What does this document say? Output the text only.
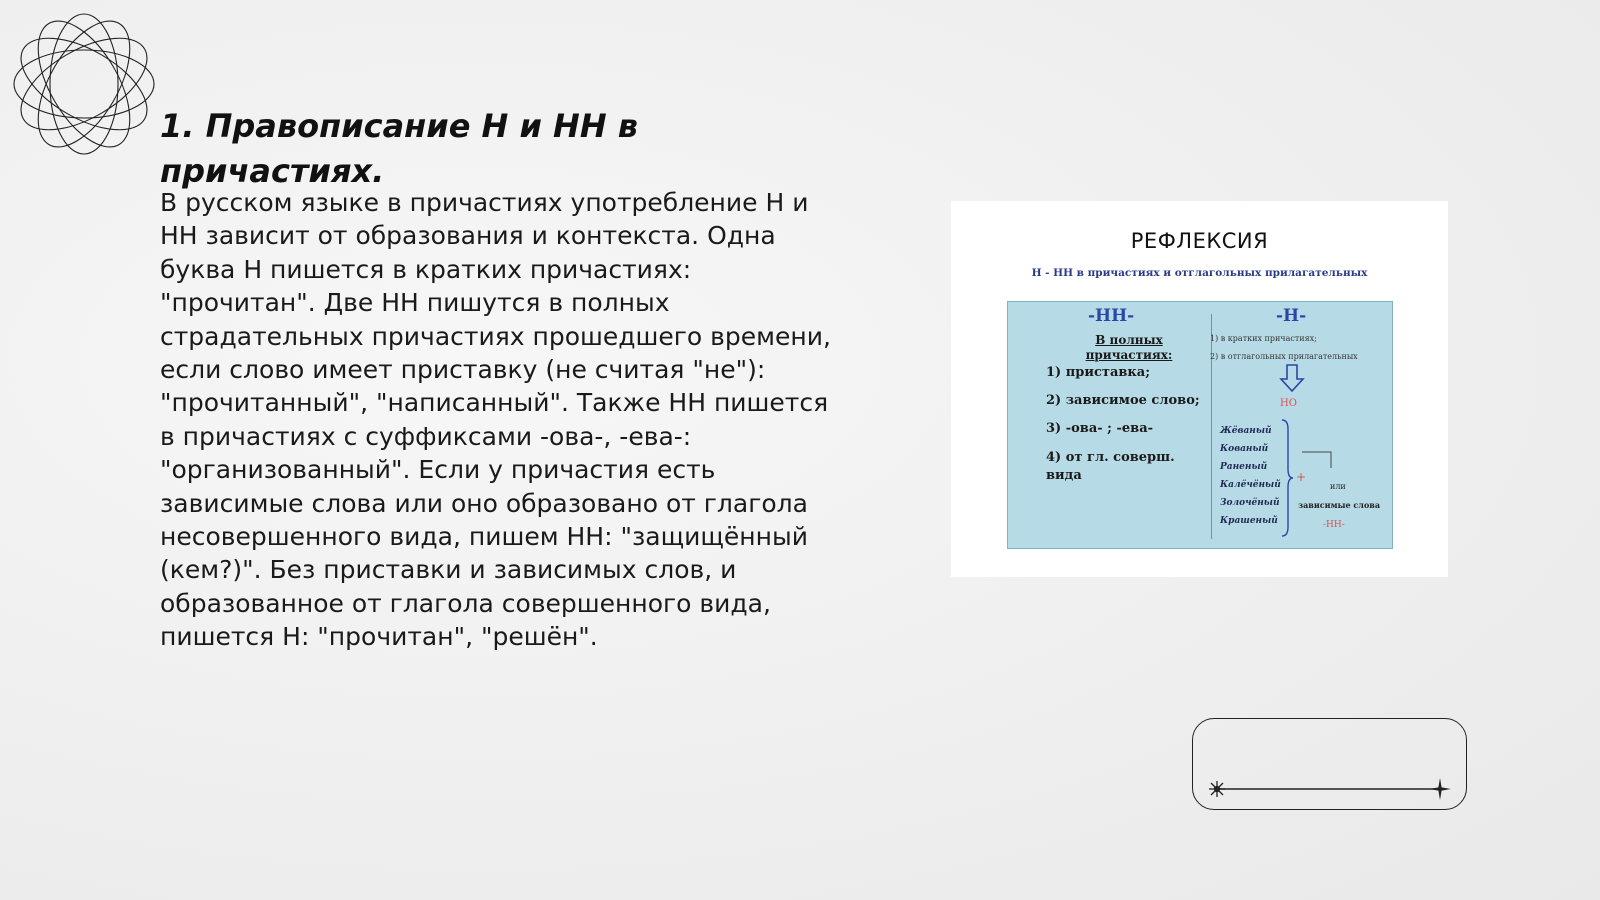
1. Правописание Н и НН в причастиях.

В русском языке в причастиях употребление Н и НН зависит от образования и контекста. Одна буква Н пишется в кратких причастиях: "прочитан". Две НН пишутся в полных страдательных причастиях прошедшего времени, если слово имеет приставку (не считая "не"): "прочитанный", "написанный". Также НН пишется в причастиях с суффиксами -ова-, -ева-: "организованный". Если у причастия есть зависимые слова или оно образовано от глагола несовершенного вида, пишем НН: "защищённый (кем?)". Без приставки и зависимых слов, и образованное от глагола совершенного вида, пишется Н: "прочитан", "решён".

РЕФЛЕКСИЯ
Н - НН в причастиях и отглагольных прилагательных
-НН-	-Н-
В полных причастиях:
1) приставка;
2) зависимое слово;
3) -ова- ; -ева-
4) от гл. соверш. вида
1) в кратких причастиях;
2) в отглагольных прилагательных
НО
Жёваный
Кованый
Раненый
Калёчёный
Золочёный
Крашеный
+
или
зависимые слова
-НН-
